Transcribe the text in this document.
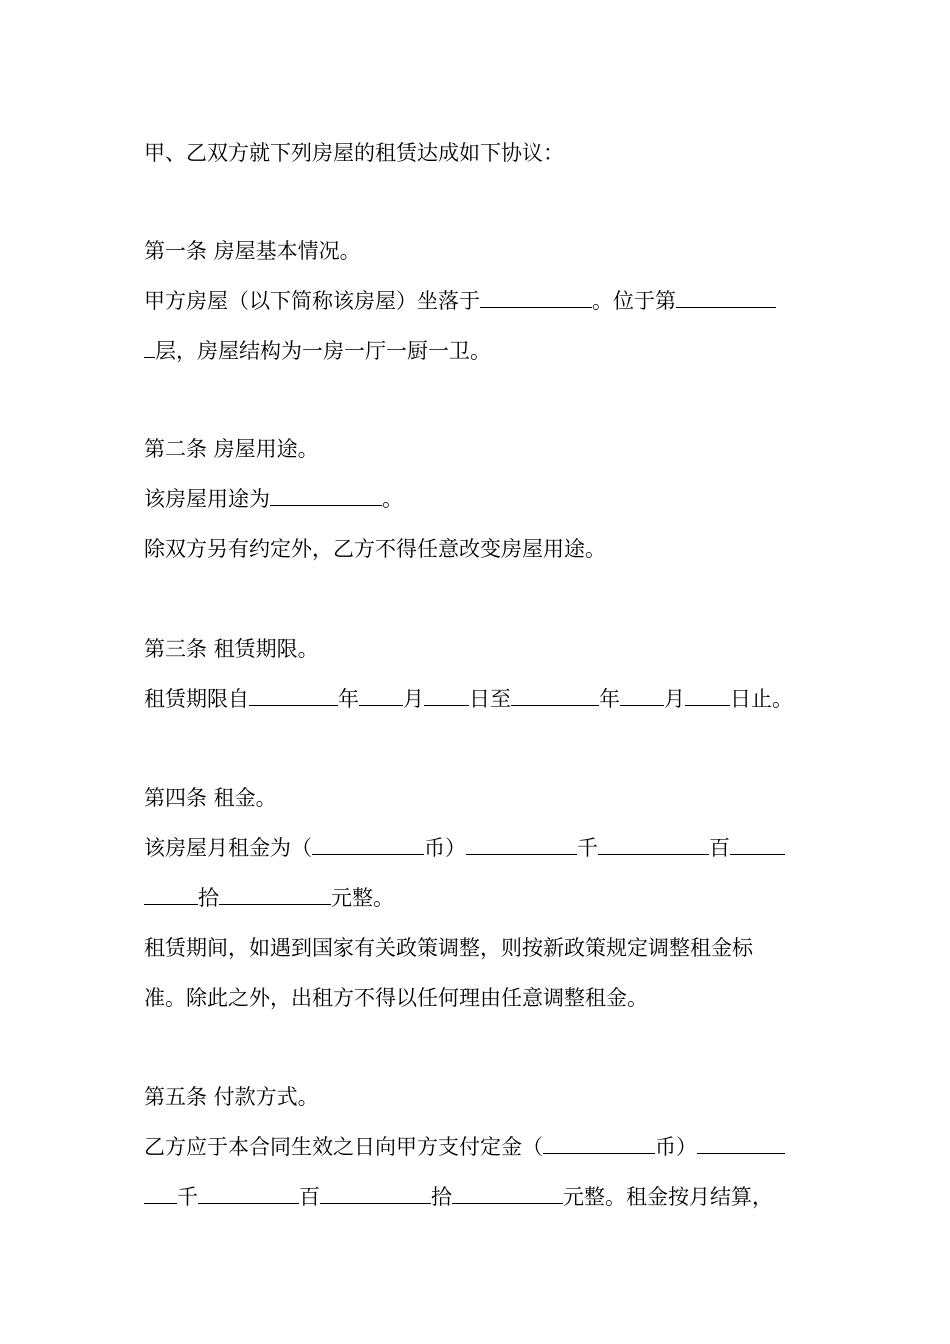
甲、乙双方就下列房屋的租赁达成如下协议：
第一条 房屋基本情况。
甲方房屋（以下简称该房屋）坐落于	。位于第
层，房屋结构为一房一厅一厨一卫。
第二条 房屋用途。
该房屋用途为	。
除双方另有约定外，乙方不得任意改变房屋用途。
第三条 租赁期限。
租赁期限自	年 月 日至	年 月 日止。
第四条 租金。
该房屋月租金为（	币）	千	百
拾	元整。
租赁期间，如遇到国家有关政策调整，则按新政策规定调整租金标
准。除此之外，出租方不得以任何理由任意调整租金。
第五条 付款方式。
乙方应于本合同生效之日向甲方支付定金（	币）
千	百	拾	元整。租金按月结算，
